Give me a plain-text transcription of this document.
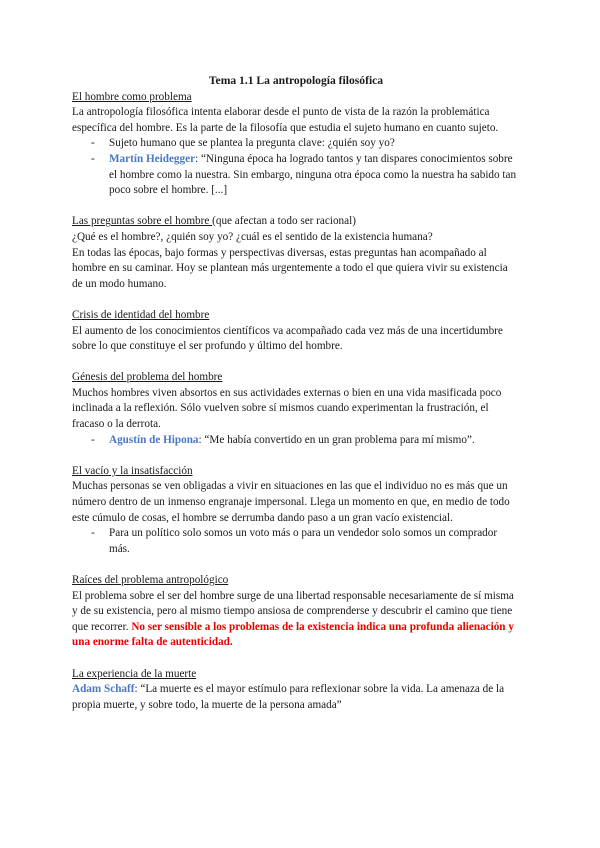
Tema 1.1 La antropología filosófica

El hombre como problema

La antropología filosófica intenta elaborar desde el punto de vista de la razón la problemática específica del hombre. Es la parte de la filosofía que estudia el sujeto humano en cuanto sujeto.

- Sujeto humano que se plantea la pregunta clave: ¿quién soy yo?
- Martín Heidegger: “Ninguna época ha logrado tantos y tan dispares conocimientos sobre el hombre como la nuestra. Sin embargo, ninguna otra época como la nuestra ha sabido tan poco sobre el hombre. [...]

Las preguntas sobre el hombre (que afectan a todo ser racional)

¿Qué es el hombre?, ¿quién soy yo? ¿cuál es el sentido de la existencia humana?

En todas las épocas, bajo formas y perspectivas diversas, estas preguntas han acompañado al hombre en su caminar. Hoy se plantean más urgentemente a todo el que quiera vivir su existencia de un modo humano.

Crisis de identidad del hombre

El aumento de los conocimientos científicos va acompañado cada vez más de una incertidumbre sobre lo que constituye el ser profundo y último del hombre.

Génesis del problema del hombre

Muchos hombres viven absortos en sus actividades externas o bien en una vida masificada poco inclinada a la reflexión. Sólo vuelven sobre sí mismos cuando experimentan la frustración, el fracaso o la derrota.

- Agustín de Hipona: “Me había convertido en un gran problema para mí mismo”.

El vacío y la insatisfacción

Muchas personas se ven obligadas a vivir en situaciones en las que el individuo no es más que un número dentro de un inmenso engranaje impersonal. Llega un momento en que, en medio de todo este cúmulo de cosas, el hombre se derrumba dando paso a un gran vacío existencial.

- Para un político solo somos un voto más o para un vendedor solo somos un comprador más.

Raíces del problema antropológico

El problema sobre el ser del hombre surge de una libertad responsable necesariamente de sí misma y de su existencia, pero al mismo tiempo ansiosa de comprenderse y descubrir el camino que tiene que recorrer. No ser sensible a los problemas de la existencia indica una profunda alienación y una enorme falta de autenticidad.

La experiencia de la muerte

Adam Schaff: “La muerte es el mayor estímulo para reflexionar sobre la vida. La amenaza de la propia muerte, y sobre todo, la muerte de la persona amada”
